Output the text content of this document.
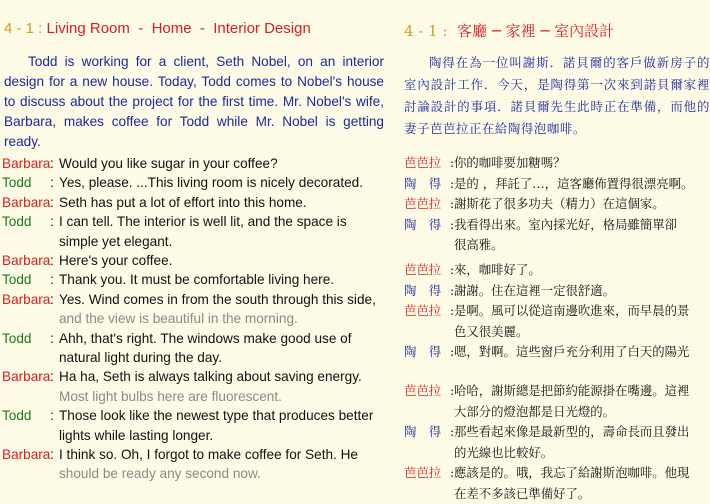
4 - 1 : Living Room  -  Home  -  Interior Design
Todd is working for a client, Seth Nobel, on an interior design for a new house. Today, Todd comes to Nobel's house to discuss about the project for the first time. Mr. Nobel's wife, Barbara, makes coffee for Todd while Mr. Nobel is getting ready.
Barbara : Would you like sugar in your coffee?
Todd : Yes, please. ...This living room is nicely decorated.
Barbara : Seth has put a lot of effort into this home.
Todd : I can tell. The interior is well lit, and the space is
simple yet elegant.
Barbara : Here's your coffee.
Todd : Thank you. It must be comfortable living here.
Barbara : Yes. Wind comes in from the south through this side,
and the view is beautiful in the morning.
Todd : Ahh, that's right. The windows make good use of
natural light during the day.
Barbara : Ha ha, Seth is always talking about saving energy.
Most light bulbs here are fluorescent.
Todd : Those look like the newest type that produces better
lights while lasting longer.
Barbara : I think so. Oh, I forgot to make coffee for Seth. He
should be ready any second now.
4 - 1 :  客廳 ─ 家裡 ─ 室內設計
陶得在為一位叫謝斯．諾貝爾的客戶做新房子的室內設計工作．今天，是陶得第一次來到諾貝爾家裡討論設計的事項．諾貝爾先生此時正在準備，而他的妻子芭芭拉正在給陶得泡咖啡。
芭芭拉 : 你的咖啡要加糖嗎？
陶　得 : 是的 ，拜託了…，這客廳佈置得很漂亮啊。
芭芭拉 : 謝斯花了很多功夫（精力）在這個家。
陶　得 : 我看得出來。室內採光好，格局雖簡單卻
很高雅。
芭芭拉 : 來，咖啡好了。
陶　得 : 謝謝。住在這裡一定很舒適。
芭芭拉 : 是啊。風可以從這南邊吹進來，而早晨的景
色又很美麗。
陶　得 : 嗯，對啊。這些窗戶充分利用了白天的陽光
芭芭拉 : 哈哈，謝斯總是把節約能源掛在嘴邊。這裡
大部分的燈泡都是日光燈的。
陶　得 : 那些看起來像是最新型的，壽命長而且發出
的光線也比較好。
芭芭拉 : 應該是的。哦，我忘了給謝斯泡咖啡。他現
在差不多該已準備好了。
